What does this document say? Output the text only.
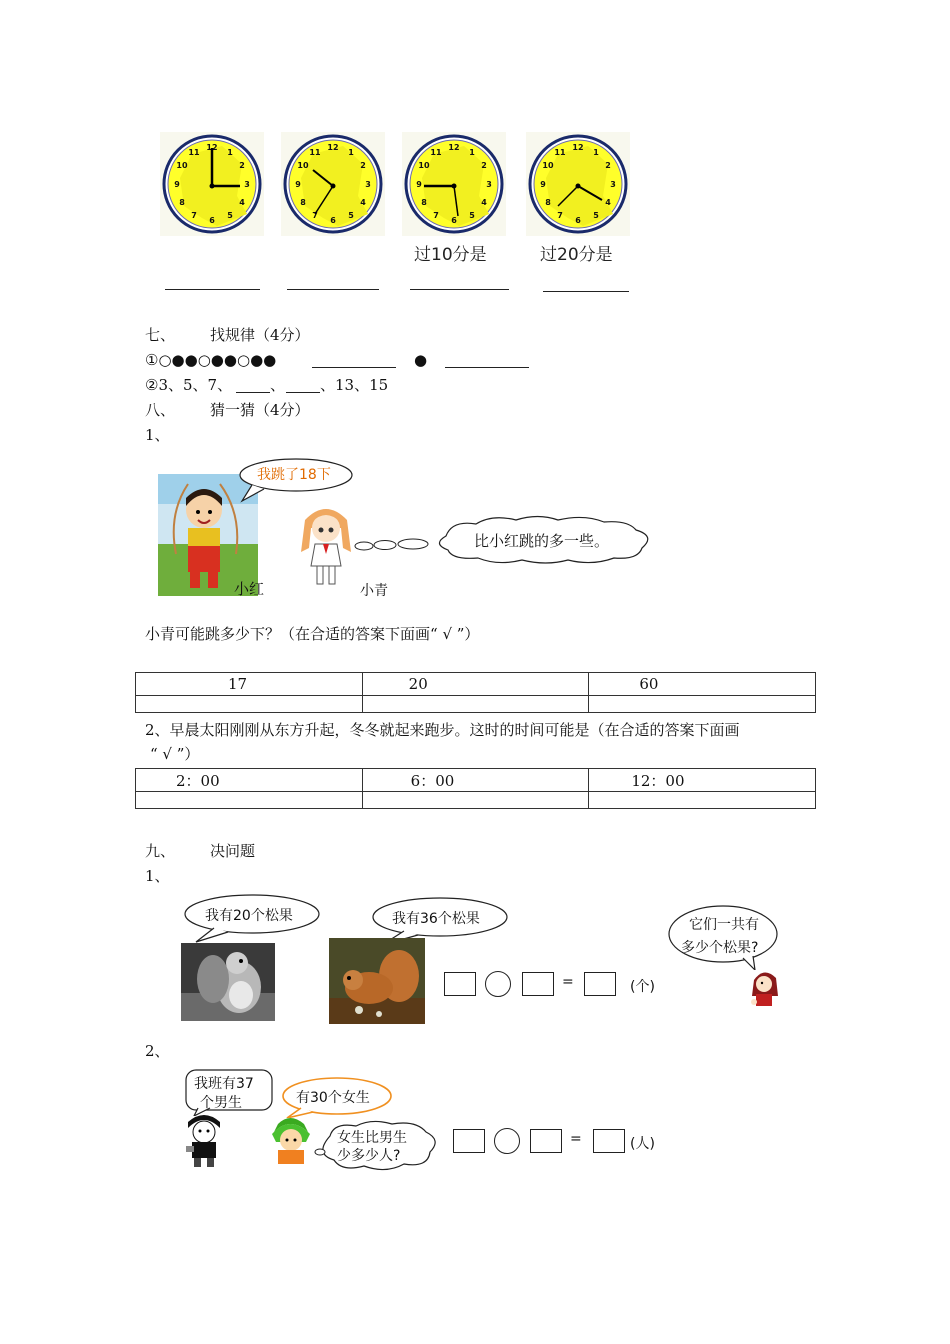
过10分是	过20分是
七、 找规律（4分）
①○●●○●●○●●	●
②3、5、7、	、 、13、15
八、 猜一猜（4分）
1、
小红
我跳了18下
小青
比小红跳的多一些。
小青可能跳多少下？（在合适的答案下面画“ √ ”）
17	20	60

2、早晨太阳刚刚从东方升起，冬冬就起来跑步。这时的时间可能是（在合适的答案下面画
“ √ ”）
2：00	6：00	12：00

九、 决问题
1、
我有20个松果	我有36个松果
=	(个)
它们一共有
多少个松果?
2、
我班有37
个男生	有30个女生
女生比男生
少多少人?
=	(人)
